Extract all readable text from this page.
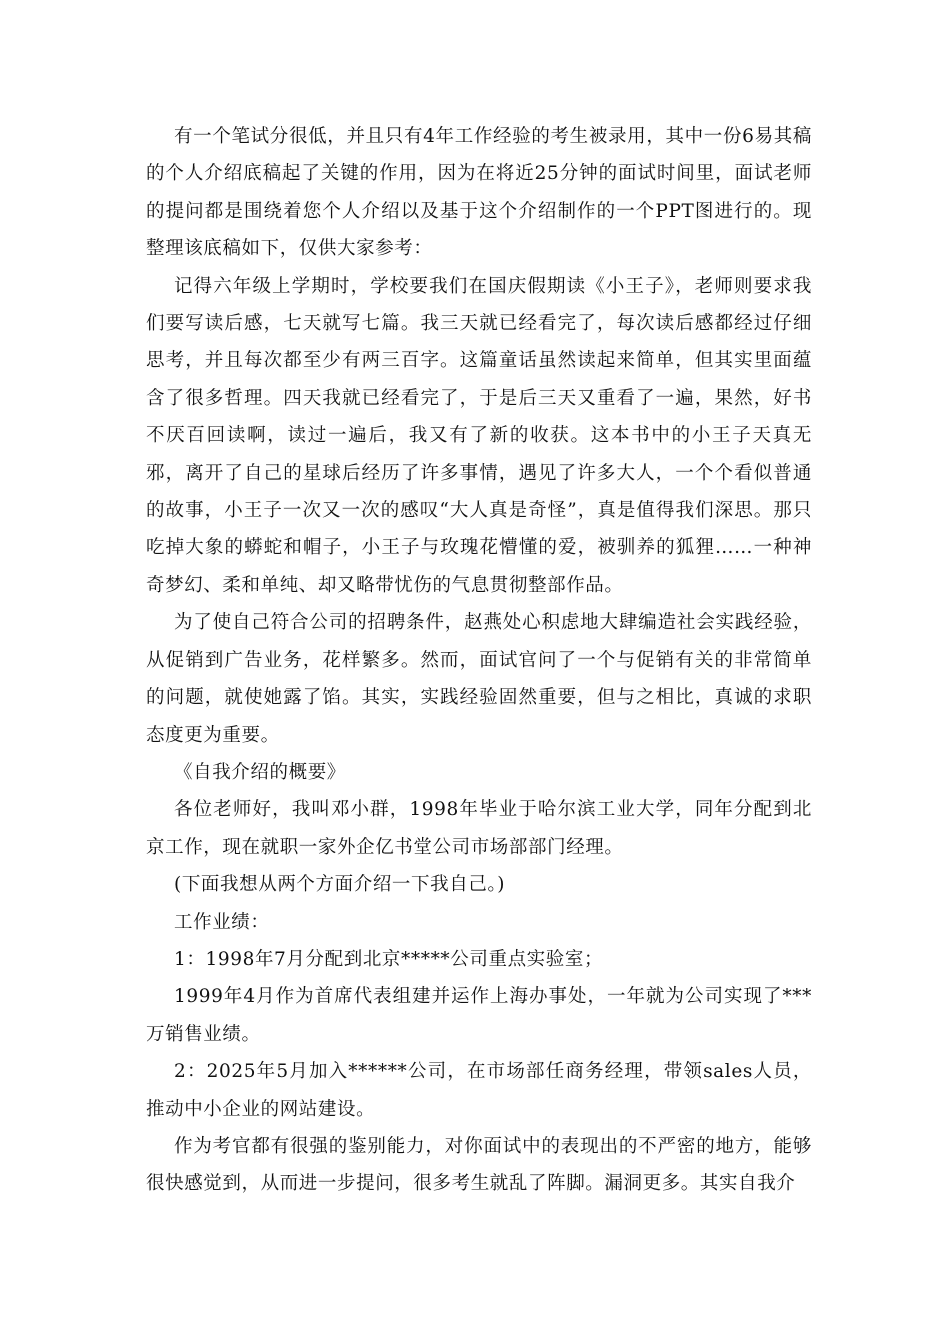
有一个笔试分很低，并且只有4年工作经验的考生被录用，其中一份6易其稿的个人介绍底稿起了关键的作用，因为在将近25分钟的面试时间里，面试老师的提问都是围绕着您个人介绍以及基于这个介绍制作的一个PPT图进行的。现整理该底稿如下，仅供大家参考：

记得六年级上学期时，学校要我们在国庆假期读《小王子》，老师则要求我们要写读后感，七天就写七篇。我三天就已经看完了，每次读后感都经过仔细思考，并且每次都至少有两三百字。这篇童话虽然读起来简单，但其实里面蕴含了很多哲理。四天我就已经看完了，于是后三天又重看了一遍，果然，好书不厌百回读啊，读过一遍后，我又有了新的收获。这本书中的小王子天真无邪，离开了自己的星球后经历了许多事情，遇见了许多大人，一个个看似普通的故事，小王子一次又一次的感叹“大人真是奇怪”，真是值得我们深思。那只吃掉大象的蟒蛇和帽子，小王子与玫瑰花懵懂的爱，被驯养的狐狸……一种神奇梦幻、柔和单纯、却又略带忧伤的气息贯彻整部作品。

为了使自己符合公司的招聘条件，赵燕处心积虑地大肆编造社会实践经验，从促销到广告业务，花样繁多。然而，面试官问了一个与促销有关的非常简单的问题，就使她露了馅。其实，实践经验固然重要，但与之相比，真诚的求职态度更为重要。

《自我介绍的概要》

各位老师好，我叫邓小群，1998年毕业于哈尔滨工业大学，同年分配到北京工作，现在就职一家外企亿书堂公司市场部部门经理。

(下面我想从两个方面介绍一下我自己。)

工作业绩：

1：1998年7月分配到北京*****公司重点实验室；

1999年4月作为首席代表组建并运作上海办事处，一年就为公司实现了***万销售业绩。

2：2025年5月加入******公司，在市场部任商务经理，带领sales人员，推动中小企业的网站建设。

作为考官都有很强的鉴别能力，对你面试中的表现出的不严密的地方，能够很快感觉到，从而进一步提问，很多考生就乱了阵脚。漏洞更多。其实自我介
